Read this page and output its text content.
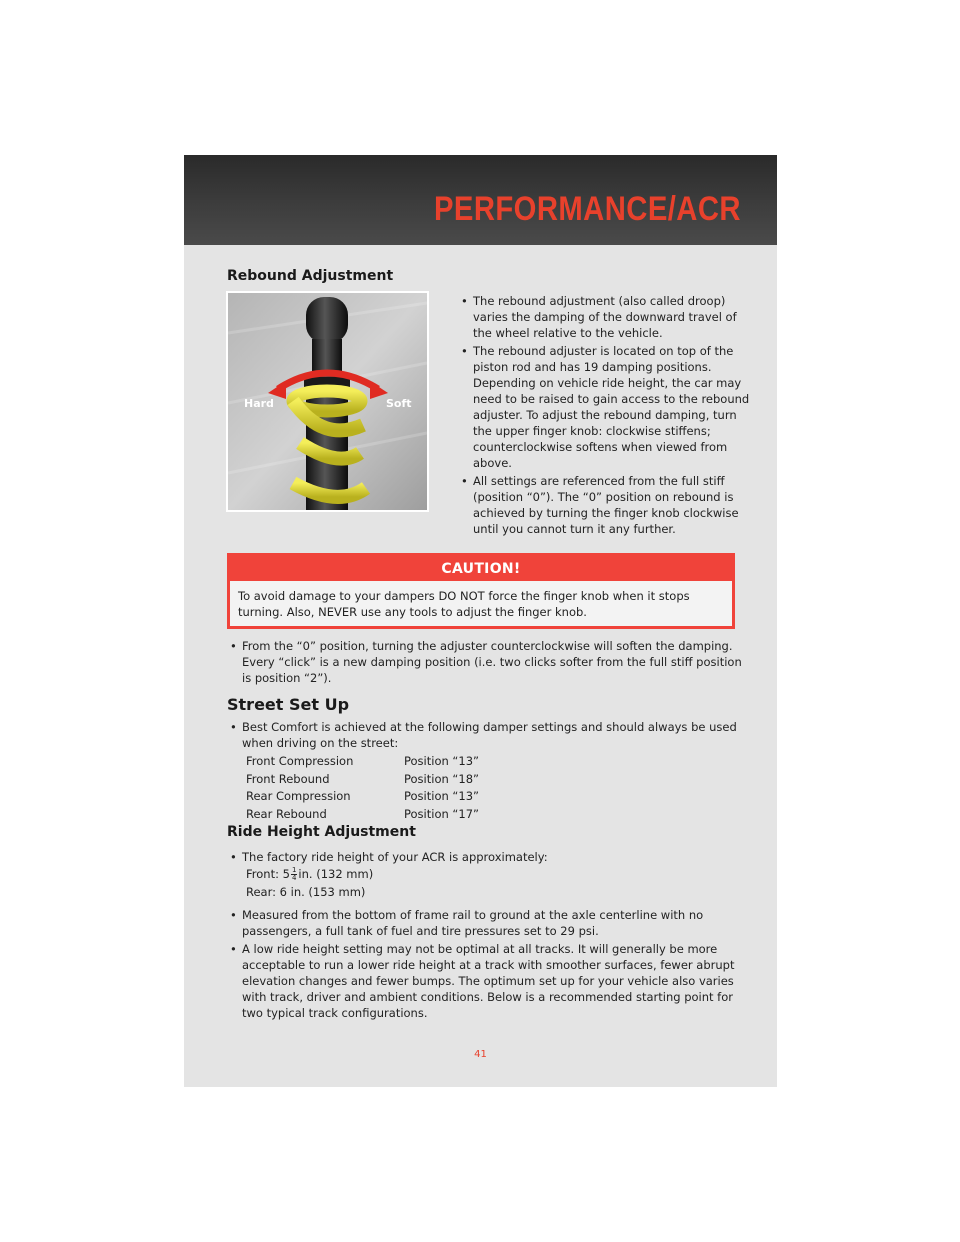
PERFORMANCE/ACR
Rebound Adjustment
Hard	Soft

• The rebound adjustment (also called droop) varies the damping of the downward travel of the wheel relative to the vehicle.

• The rebound adjuster is located on top of the piston rod and has 19 damping positions. Depending on vehicle ride height, the car may need to be raised to gain access to the rebound adjuster. To adjust the rebound damping, turn the upper finger knob: clockwise stiffens; counterclockwise softens when viewed from above.

• All settings are referenced from the full stiff (position “0”). The “0” position on rebound is achieved by turning the finger knob clockwise until you cannot turn it any further.

CAUTION!
To avoid damage to your dampers DO NOT force the finger knob when it stops turning. Also, NEVER use any tools to adjust the finger knob.

• From the “0” position, turning the adjuster counterclockwise will soften the damping. Every “click” is a new damping position (i.e. two clicks softer from the full stiff position is position “2”).

Street Set Up

• Best Comfort is achieved at the following damper settings and should always be used when driving on the street:

Front Compression	Position “13”
Front Rebound	Position “18”
Rear Compression	Position “13”
Rear Rebound	Position “17”
Ride Height Adjustment

• The factory ride height of your ACR is approximately:

Front: $5 \frac{1}{4}$ in. (132 mm)
Rear: 6 in. (153 mm)

• Measured from the bottom of frame rail to ground at the axle centerline with no passengers, a full tank of fuel and tire pressures set to 29 psi.

• A low ride height setting may not be optimal at all tracks. It will generally be more acceptable to run a lower ride height at a track with smoother surfaces, fewer abrupt elevation changes and fewer bumps. The optimum set up for your vehicle also varies with track, driver and ambient conditions. Below is a recommended starting point for two typical track configurations.

41
